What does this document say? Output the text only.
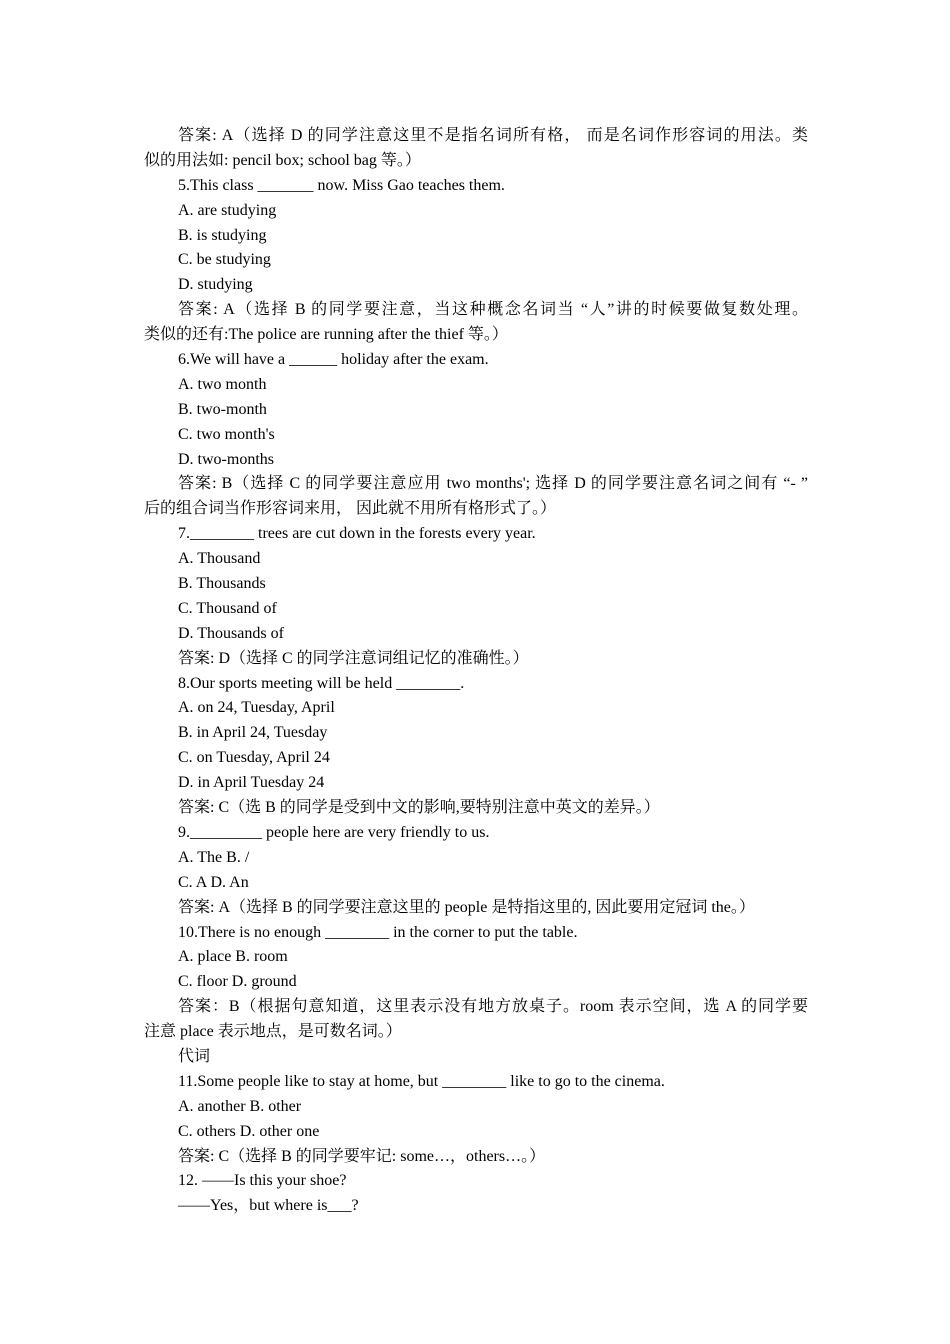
答案: A（选择 D 的同学注意这里不是指名词所有格， 而是名词作形容词的用法。类
似的用法如: pencil box; school bag 等。）
5.This class _______ now. Miss Gao teaches them.
A. are studying
B. is studying
C. be studying
D. studying
答案: A（选择 B 的同学要注意，当这种概念名词当 “人”讲的时候要做复数处理。
类似的还有:The police are running after the thief 等。）
6.We will have a ______ holiday after the exam.
A. two month
B. two-month
C. two month's
D. two-months
答案: B（选择 C 的同学要注意应用 two months'; 选择 D 的同学要注意名词之间有 “- ”
后的组合词当作形容词来用， 因此就不用所有格形式了。）
7.________ trees are cut down in the forests every year.
A. Thousand
B. Thousands
C. Thousand of
D. Thousands of
答案: D（选择 C 的同学注意词组记忆的准确性。）
8.Our sports meeting will be held ________.
A. on 24, Tuesday, April
B. in April 24, Tuesday
C. on Tuesday, April 24
D. in April Tuesday 24
答案: C（选 B 的同学是受到中文的影响,要特别注意中英文的差异。）
9._________ people here are very friendly to us.
A. The B. /
C. A D. An
答案: A（选择 B 的同学要注意这里的 people 是特指这里的, 因此要用定冠词 the。）
10.There is no enough ________ in the corner to put the table.
A. place B. room
C. floor D. ground
答案：B（根据句意知道，这里表示没有地方放桌子。room 表示空间，选 A 的同学要
注意 place 表示地点，是可数名词。）
代词
11.Some people like to stay at home, but ________ like to go to the cinema.
A. another B. other
C. others D. other one
答案: C（选择 B 的同学要牢记: some…，others…。）
12. ——Is this your shoe?
——Yes，but where is___?
